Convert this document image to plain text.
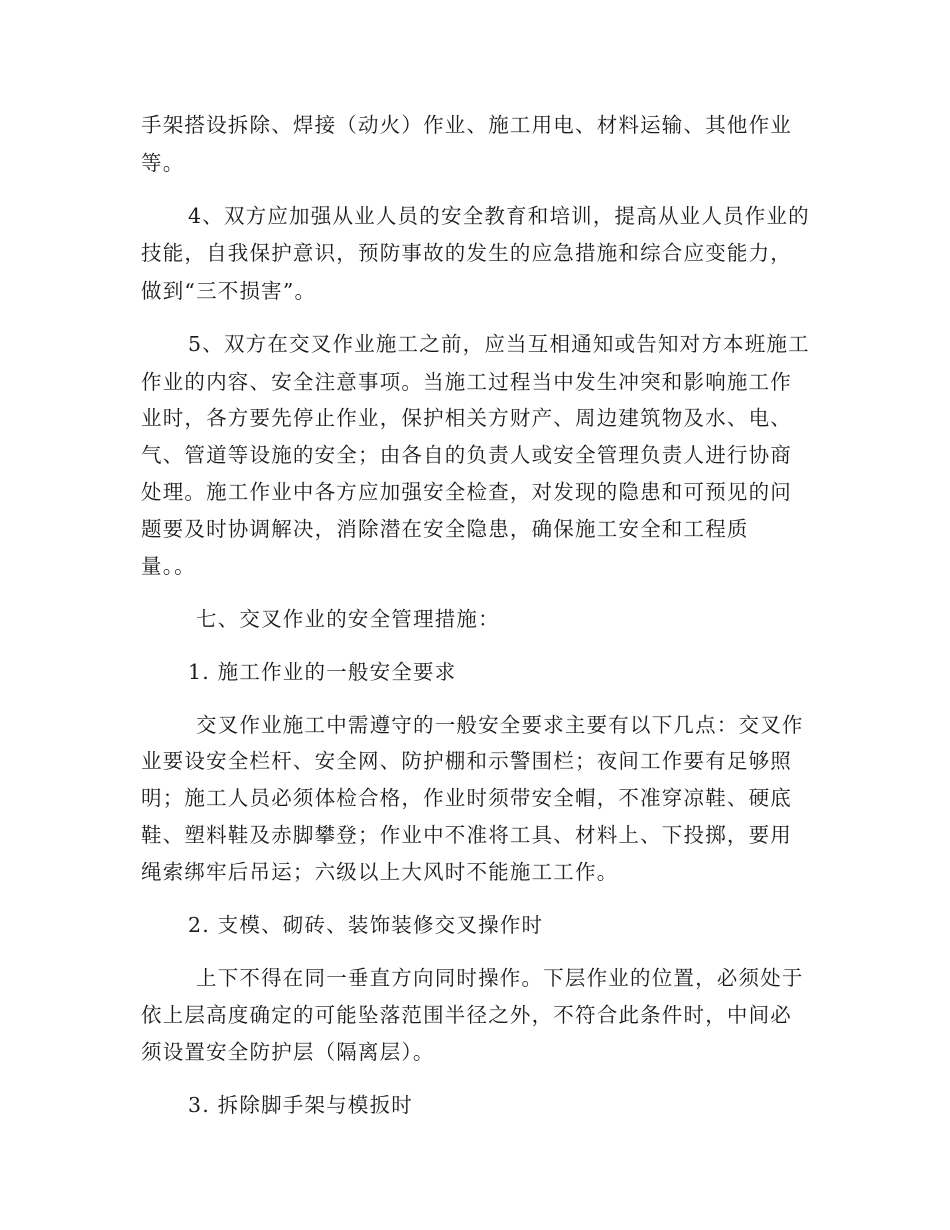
手架搭设拆除、焊接（动火）作业、施工用电、材料运输、其他作业
等。
4、双方应加强从业人员的安全教育和培训，提高从业人员作业的
技能，自我保护意识，预防事故的发生的应急措施和综合应变能力，
做到“三不损害”。
5、双方在交叉作业施工之前，应当互相通知或告知对方本班施工
作业的内容、安全注意事项。当施工过程当中发生冲突和影响施工作
业时，各方要先停止作业，保护相关方财产、周边建筑物及水、电、
气、管道等设施的安全；由各自的负责人或安全管理负责人进行协商
处理。施工作业中各方应加强安全检查，对发现的隐患和可预见的问
题要及时协调解决，消除潜在安全隐患，确保施工安全和工程质
量。。
七、交叉作业的安全管理措施：
1. 施工作业的一般安全要求
交叉作业施工中需遵守的一般安全要求主要有以下几点：交叉作
业要设安全栏杆、安全网、防护棚和示警围栏；夜间工作要有足够照
明；施工人员必须体检合格，作业时须带安全帽，不准穿凉鞋、硬底
鞋、塑料鞋及赤脚攀登；作业中不准将工具、材料上、下投掷，要用
绳索绑牢后吊运；六级以上大风时不能施工工作。
2. 支模、砌砖、装饰装修交叉操作时
上下不得在同一垂直方向同时操作。下层作业的位置，必须处于
依上层高度确定的可能坠落范围半径之外，不符合此条件时，中间必
须设置安全防护层（隔离层）。
3. 拆除脚手架与模扳时
